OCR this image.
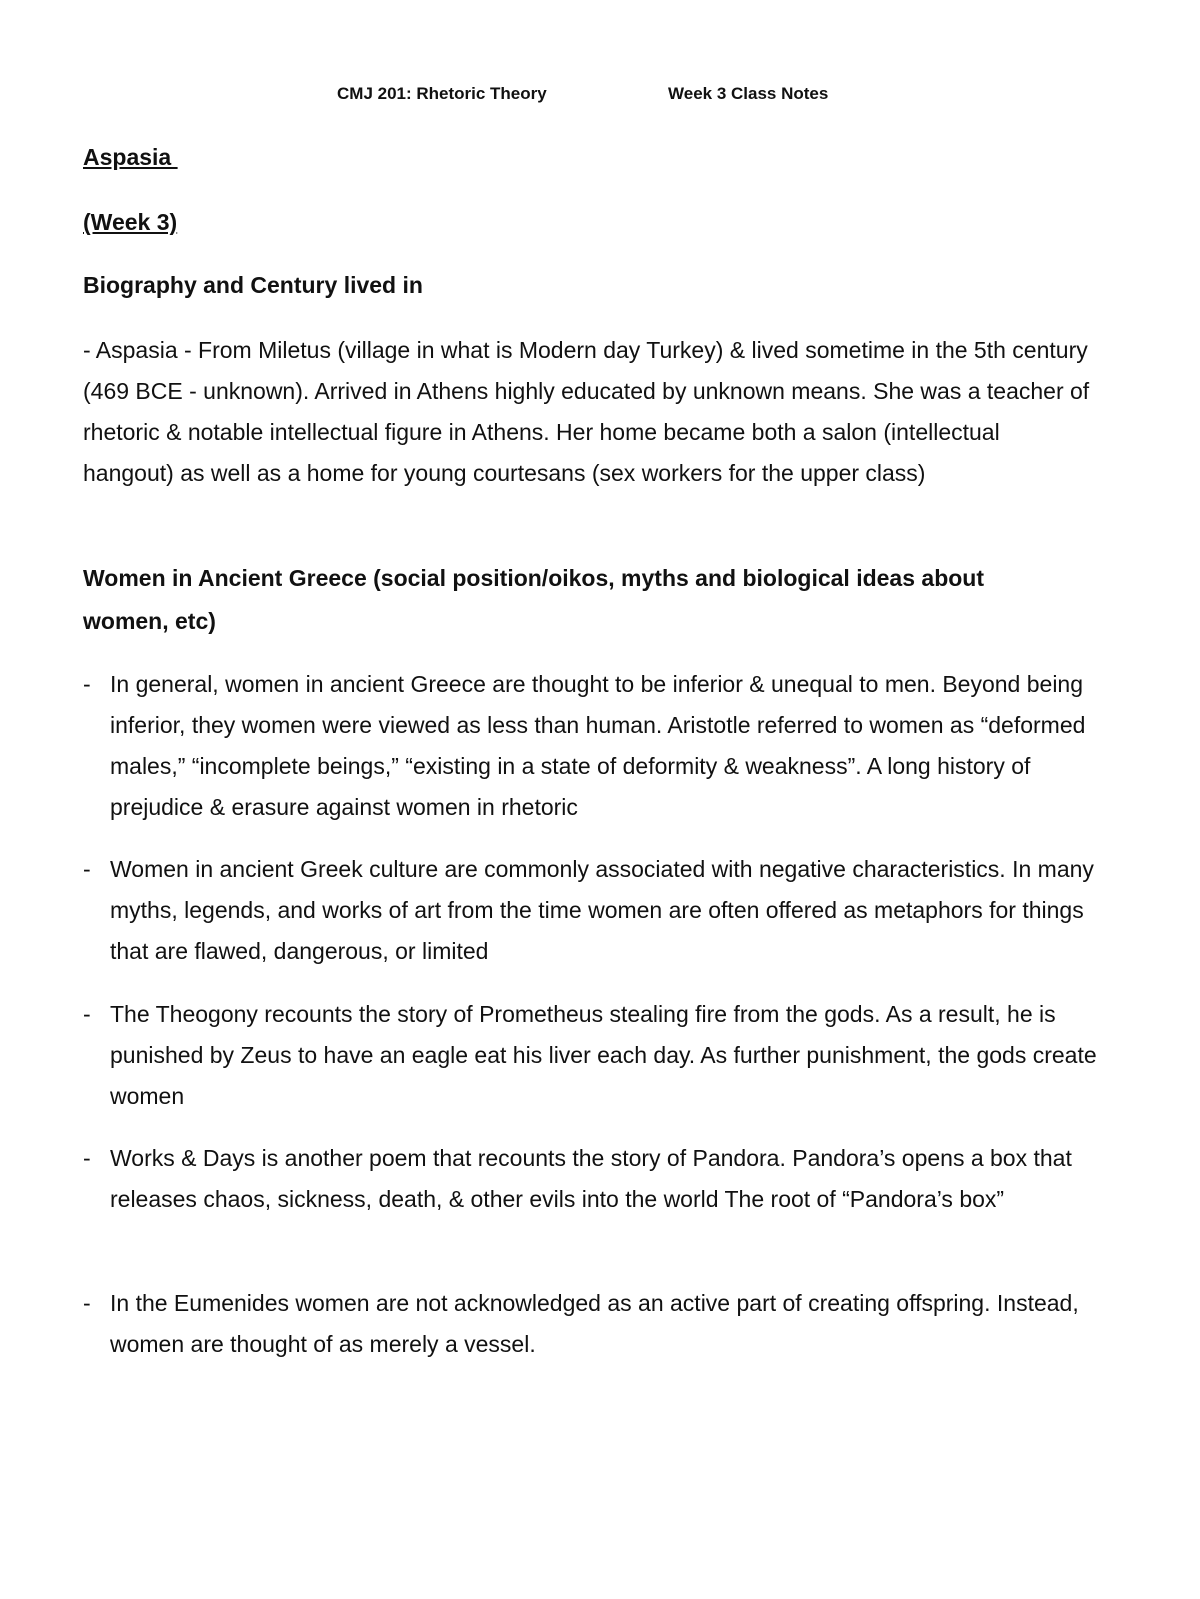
CMJ 201: Rhetoric Theory	Week 3 Class Notes
Aspasia
(Week 3)
Biography and Century lived in
- Aspasia - From Miletus (village in what is Modern day Turkey) & lived sometime in the 5th century (469 BCE - unknown). Arrived in Athens highly educated by unknown means. She was a teacher of rhetoric & notable intellectual figure in Athens. Her home became both a salon (intellectual hangout) as well as a home for young courtesans (sex workers for the upper class)
Women in Ancient Greece (social position/oikos, myths and biological ideas about women, etc)
- In general, women in ancient Greece are thought to be inferior & unequal to men. Beyond being inferior, they women were viewed as less than human. Aristotle referred to women as “deformed males,” “incomplete beings,” “existing in a state of deformity & weakness”. A long history of prejudice & erasure against women in rhetoric
- Women in ancient Greek culture are commonly associated with negative characteristics. In many myths, legends, and works of art from the time women are often offered as metaphors for things that are flawed, dangerous, or limited
- The Theogony recounts the story of Prometheus stealing fire from the gods. As a result, he is punished by Zeus to have an eagle eat his liver each day. As further punishment, the gods create women
- Works & Days is another poem that recounts the story of Pandora. Pandora’s opens a box that releases chaos, sickness, death, & other evils into the world The root of “Pandora’s box”
- In the Eumenides women are not acknowledged as an active part of creating offspring. Instead, women are thought of as merely a vessel.
